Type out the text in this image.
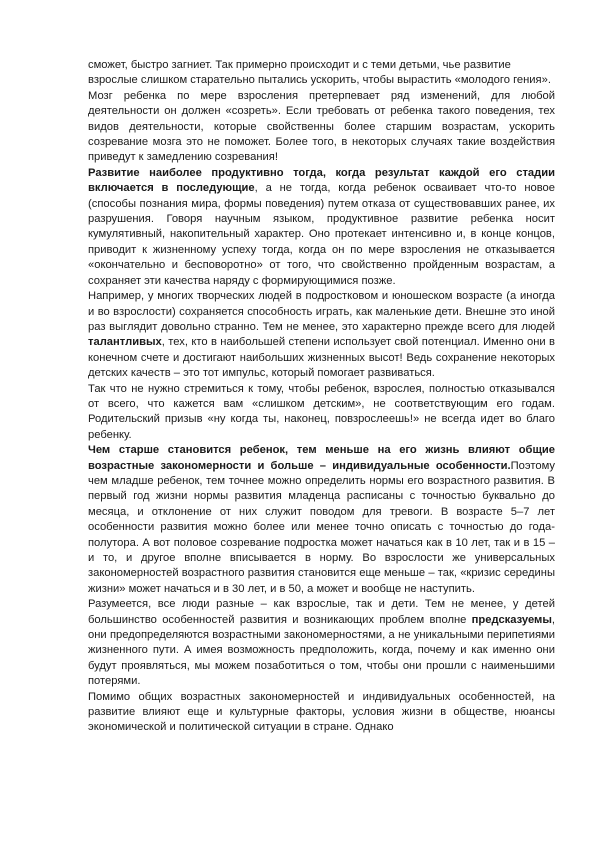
сможет, быстро загниет. Так примерно происходит и с теми детьми, чье развитие взрослые слишком старательно пытались ускорить, чтобы вырастить «молодого гения».

Мозг ребенка по мере взросления претерпевает ряд изменений, для любой деятельности он должен «созреть». Если требовать от ребенка такого поведения, тех видов деятельности, которые свойственны более старшим возрастам, ускорить созревание мозга это не поможет. Более того, в некоторых случаях такие воздействия приведут к замедлению созревания!

Развитие наиболее продуктивно тогда, когда результат каждой его стадии включается в последующие, а не тогда, когда ребенок осваивает что-то новое (способы познания мира, формы поведения) путем отказа от существовавших ранее, их разрушения. Говоря научным языком, продуктивное развитие ребенка носит кумулятивный, накопительный характер. Оно протекает интенсивно и, в конце концов, приводит к жизненному успеху тогда, когда он по мере взросления не отказывается «окончательно и бесповоротно» от того, что свойственно пройденным возрастам, а сохраняет эти качества наряду с формирующимися позже.

Например, у многих творческих людей в подростковом и юношеском возрасте (а иногда и во взрослости) сохраняется способность играть, как маленькие дети. Внешне это иной раз выглядит довольно странно. Тем не менее, это характерно прежде всего для людей талантливых, тех, кто в наибольшей степени использует свой потенциал. Именно они в конечном счете и достигают наибольших жизненных высот! Ведь сохранение некоторых детских качеств – это тот импульс, который помогает развиваться.

Так что не нужно стремиться к тому, чтобы ребенок, взрослея, полностью отказывался от всего, что кажется вам «слишком детским», не соответствующим его годам. Родительский призыв «ну когда ты, наконец, повзрослеешь!» не всегда идет во благо ребенку.

Чем старше становится ребенок, тем меньше на его жизнь влияют общие возрастные закономерности и больше – индивидуальные особенности.Поэтому чем младше ребенок, тем точнее можно определить нормы его возрастного развития. В первый год жизни нормы развития младенца расписаны с точностью буквально до месяца, и отклонение от них служит поводом для тревоги. В возрасте 5–7 лет особенности развития можно более или менее точно описать с точностью до года-полутора. А вот половое созревание подростка может начаться как в 10 лет, так и в 15 – и то, и другое вполне вписывается в норму. Во взрослости же универсальных закономерностей возрастного развития становится еще меньше – так, «кризис середины жизни» может начаться и в 30 лет, и в 50, а может и вообще не наступить.

Разумеется, все люди разные – как взрослые, так и дети. Тем не менее, у детей большинство особенностей развития и возникающих проблем вполне предсказуемы, они предопределяются возрастными закономерностями, а не уникальными перипетиями жизненного пути. А имея возможность предположить, когда, почему и как именно они будут проявляться, мы можем позаботиться о том, чтобы они прошли с наименьшими потерями.

Помимо общих возрастных закономерностей и индивидуальных особенностей, на развитие влияют еще и культурные факторы, условия жизни в обществе, нюансы экономической и политической ситуации в стране. Однако
